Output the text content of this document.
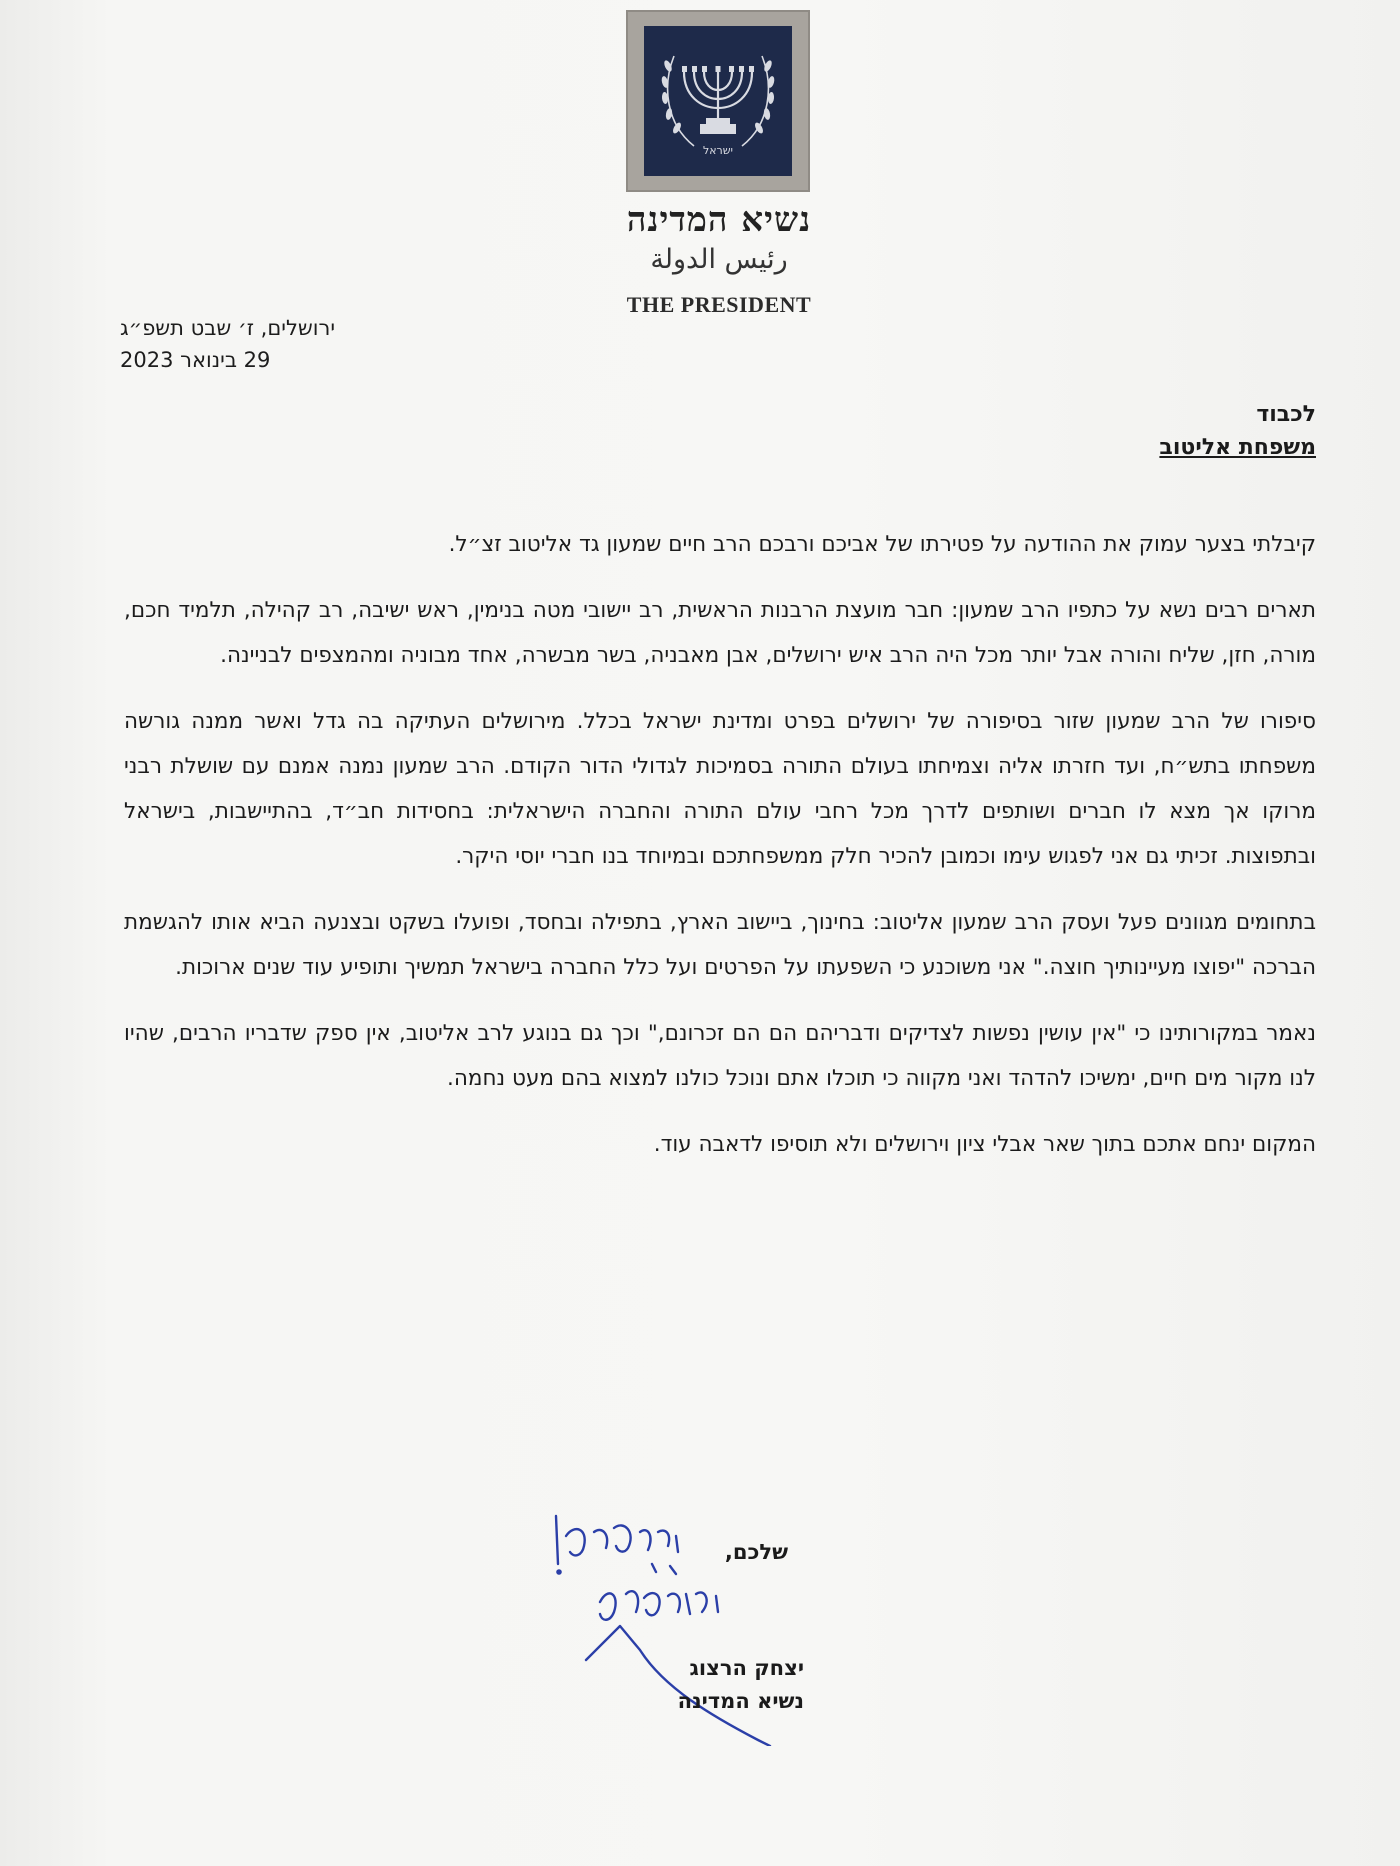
ישראל
נשיא המדינה
رئيس الدولة
THE PRESIDENT
ירושלים, ז׳ שבט תשפ״ג
29 בינואר 2023
לכבוד
משפחת אליטוב

קיבלתי בצער עמוק את ההודעה על פטירתו של אביכם ורבכם הרב חיים שמעון גד אליטוב זצ״ל.

תארים רבים נשא על כתפיו הרב שמעון: חבר מועצת הרבנות הראשית, רב יישובי מטה בנימין, ראש ישיבה, רב קהילה, תלמיד חכם, מורה, חזן, שליח והורה אבל יותר מכל היה הרב איש ירושלים, אבן מאבניה, בשר מבשרה, אחד מבוניה ומהמצפים לבניינה.

סיפורו של הרב שמעון שזור בסיפורה של ירושלים בפרט ומדינת ישראל בכלל. מירושלים העתיקה בה גדל ואשר ממנה גורשה משפחתו בתש״ח, ועד חזרתו אליה וצמיחתו בעולם התורה בסמיכות לגדולי הדור הקודם. הרב שמעון נמנה אמנם עם שושלת רבני מרוקו אך מצא לו חברים ושותפים לדרך מכל רחבי עולם התורה והחברה הישראלית: בחסידות חב״ד, בהתיישבות, בישראל ובתפוצות. זכיתי גם אני לפגוש עימו וכמובן להכיר חלק ממשפחתכם ובמיוחד בנו חברי יוסי היקר.

בתחומים מגוונים פעל ועסק הרב שמעון אליטוב: בחינוך, ביישוב הארץ, בתפילה ובחסד, ופועלו בשקט ובצנעה הביא אותו להגשמת הברכה "יפוצו מעיינותיך חוצה." אני משוכנע כי השפעתו על הפרטים ועל כלל החברה בישראל תמשיך ותופיע עוד שנים ארוכות.

נאמר במקורותינו כי "אין עושין נפשות לצדיקים ודבריהם הם הם זכרונם," וכך גם בנוגע לרב אליטוב, אין ספק שדבריו הרבים, שהיו לנו מקור מים חיים, ימשיכו להדהד ואני מקווה כי תוכלו אתם ונוכל כולנו למצוא בהם מעט נחמה.

המקום ינחם אתכם בתוך שאר אבלי ציון וירושלים ולא תוסיפו לדאבה עוד.

שלכם,
יצחק הרצוג
נשיא המדינה
